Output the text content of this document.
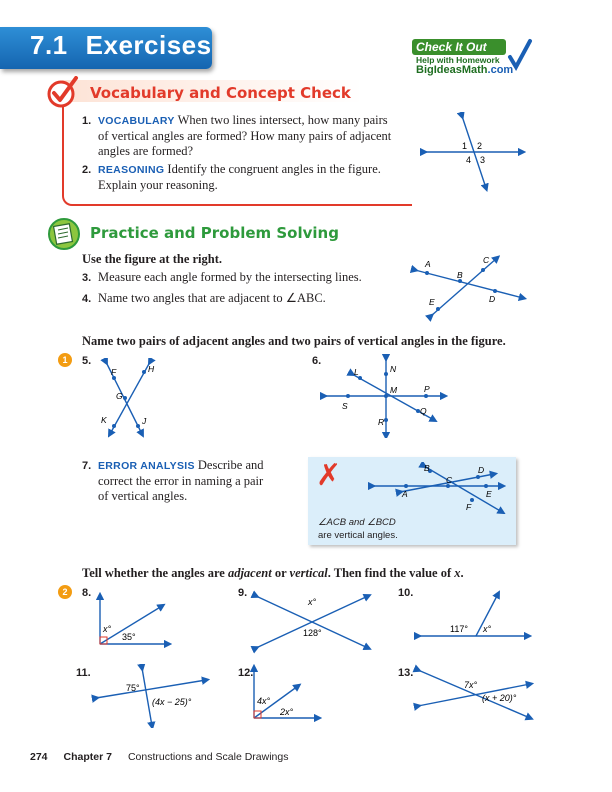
7.1 Exercises	Check It Out
Help with Homework
BigIdeasMath.com
Vocabulary and Concept Check
1. VOCABULARY When two lines intersect, how many pairs
of vertical angles are formed? How many pairs of adjacent
angles are formed?
2. REASONING Identify the congruent angles in the figure.
Explain your reasoning.
1 2
4 3
Practice and Problem Solving
Use the figure at the right.
3. Measure each angle formed by the intersecting lines.
4. Name two angles that are adjacent to ∠ABC.
A
B
C
D
E
Name two pairs of adjacent angles and two pairs of vertical angles in the figure.
1	5.
F	H
G
K	J
6.
L	N
M	P
S	Q
R
7. ERROR ANALYSIS Describe and
correct the error in naming a pair
of vertical angles.
✗	B	D
C
A	E
F
∠ACB and ∠BCD
are vertical angles.
Tell whether the angles are adjacent or vertical. Then find the value of x.
2	8.
x°
35°
9.
x°
128°
10.
117° x°
11.
75°
(4x − 25)°
12.
4x°
2x°
13.
7x°
(x + 20)°
274 Chapter 7 Constructions and Scale Drawings
